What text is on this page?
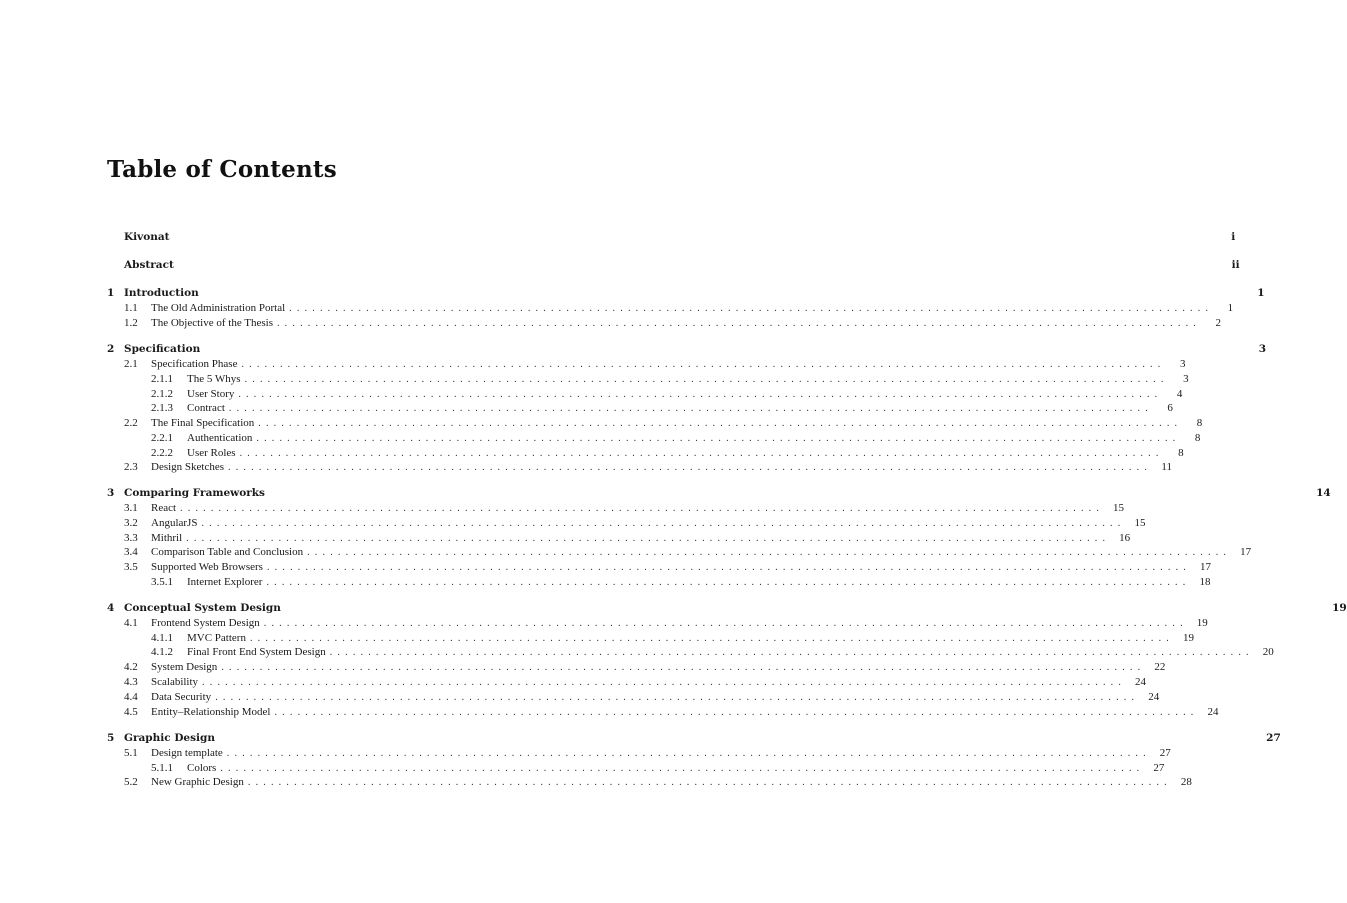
Table of Contents
Kivonat	i
Abstract	ii
1 Introduction	1
1.1	The Old Administration Portal ........................................................................................................................	1
1.2	The Objective of the Thesis ........................................................................................................................	2
2 Specification	3
2.1	Specification Phase ........................................................................................................................	3
2.1.1	The 5 Whys ........................................................................................................................	3
2.1.2	User Story ........................................................................................................................	4
2.1.3	Contract ........................................................................................................................	6
2.2	The Final Specification ........................................................................................................................	8
2.2.1	Authentication ........................................................................................................................	8
2.2.2	User Roles ........................................................................................................................	8
2.3	Design Sketches ........................................................................................................................ 11
3 Comparing Frameworks	14
3.1	React ........................................................................................................................ 15
3.2	AngularJS ........................................................................................................................ 15
3.3	Mithril ........................................................................................................................ 16
3.4	Comparison Table and Conclusion ........................................................................................................................ 17
3.5	Supported Web Browsers ........................................................................................................................ 17
3.5.1	Internet Explorer ........................................................................................................................ 18
4 Conceptual System Design	19
4.1	Frontend System Design ........................................................................................................................ 19
4.1.1	MVC Pattern ........................................................................................................................ 19
4.1.2	Final Front End System Design ........................................................................................................................ 20
4.2	System Design ........................................................................................................................ 22
4.3	Scalability ........................................................................................................................ 24
4.4	Data Security ........................................................................................................................ 24
4.5	Entity–Relationship Model ........................................................................................................................ 24
5 Graphic Design	27
5.1	Design template ........................................................................................................................ 27
5.1.1	Colors ........................................................................................................................ 27
5.2	New Graphic Design ........................................................................................................................ 28
